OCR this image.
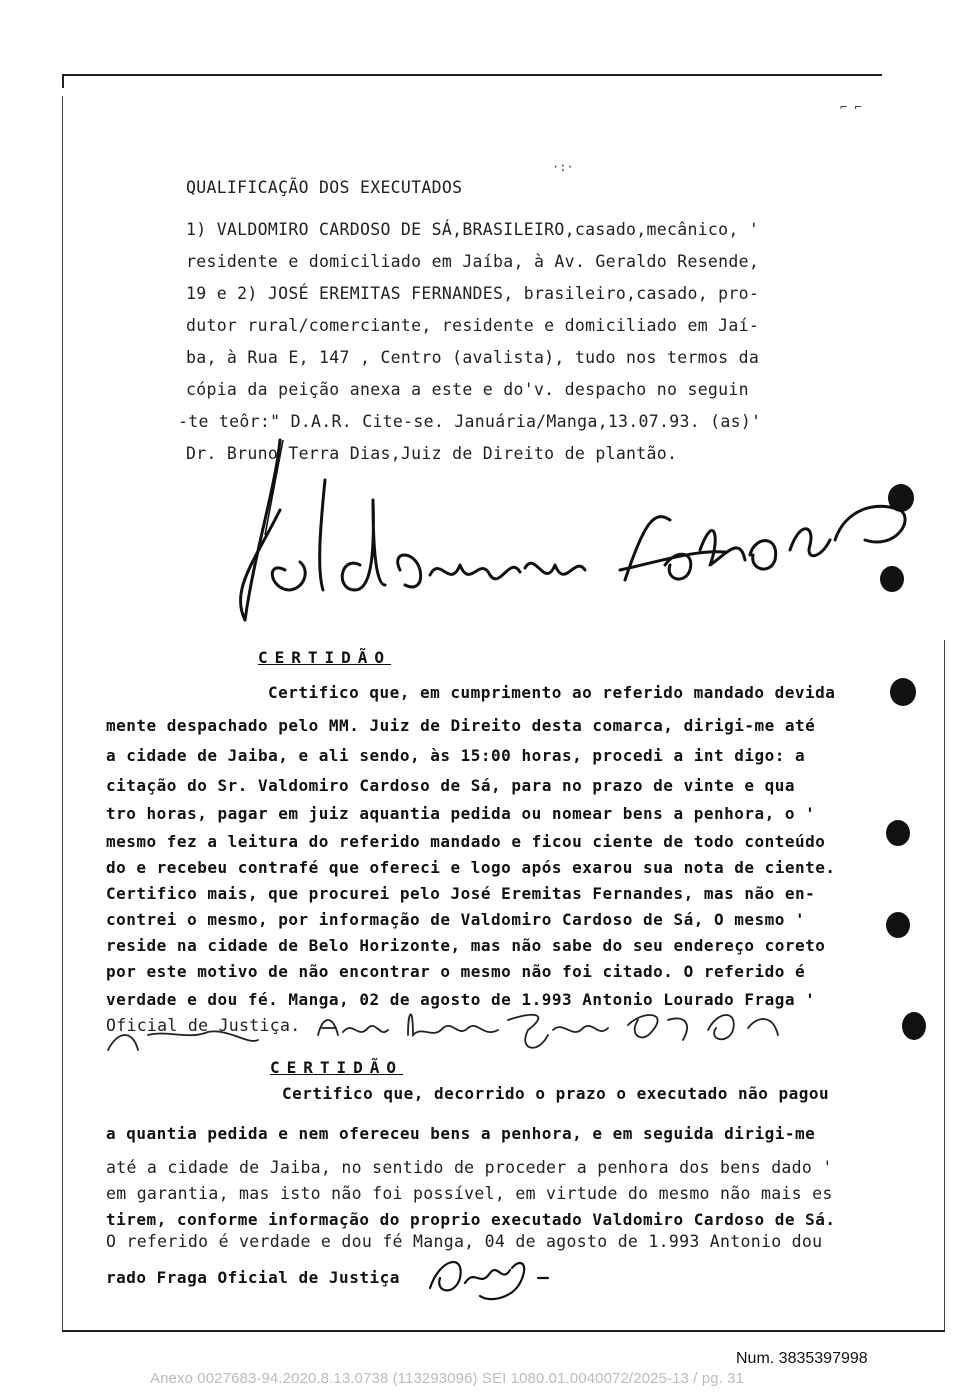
⌐ ⌐
·:·
QUALIFICAÇÃO DOS EXECUTADOS
1) VALDOMIRO CARDOSO DE SÁ,BRASILEIRO,casado,mecânico, '
residente e domiciliado em Jaíba, à Av. Geraldo Resende,
19 e 2) JOSÉ EREMITAS FERNANDES, brasileiro,casado, pro-
dutor rural/comerciante, residente e domiciliado em Jaí-
ba, à Rua E, 147 , Centro (avalista), tudo nos termos da
cópia da peição anexa a este e do'v. despacho no seguin
-te teôr:" D.A.R. Cite-se. Januária/Manga,13.07.93. (as)'
Dr. Bruno Terra Dias,Juiz de Direito de plantão.
CERTIDÃO
Certifico que, em cumprimento ao referido mandado devida
mente despachado pelo MM. Juiz de Direito desta comarca, dirigi-me até
a cidade de Jaiba, e ali sendo, às 15:00 horas, procedi a int digo: a
citação do Sr. Valdomiro Cardoso de Sá, para no prazo de vinte e qua
tro horas, pagar em juiz aquantia pedida ou nomear bens a penhora, o '
mesmo fez a leitura do referido mandado e ficou ciente de todo conteúdo
do e recebeu contrafé que ofereci e logo após exarou sua nota de ciente.
Certifico mais, que procurei pelo José Eremitas Fernandes, mas não en-
contrei o mesmo, por informação de Valdomiro Cardoso de Sá, O mesmo '
reside na cidade de Belo Horizonte, mas não sabe do seu endereço coreto
por este motivo de não encontrar o mesmo não foi citado. O referido é
verdade e dou fé. Manga, 02 de agosto de 1.993 Antonio Lourado Fraga '
Oficial de Justiça.
CERTIDÃO
Certifico que, decorrido o prazo o executado não pagou
a quantia pedida e nem ofereceu bens a penhora, e em seguida dirigi-me
até a cidade de Jaiba, no sentido de proceder a penhora dos bens dado '
em garantia, mas isto não foi possível, em virtude do mesmo não mais es
tirem, conforme informação do proprio executado Valdomiro Cardoso de Sá.
O referido é verdade e dou fé Manga, 04 de agosto de 1.993 Antonio dou
rado Fraga Oficial de Justiça
Num. 3835397998
Anexo 0027683-94.2020.8.13.0738 (113293096) SEI 1080.01.0040072/2025-13 / pg. 31
